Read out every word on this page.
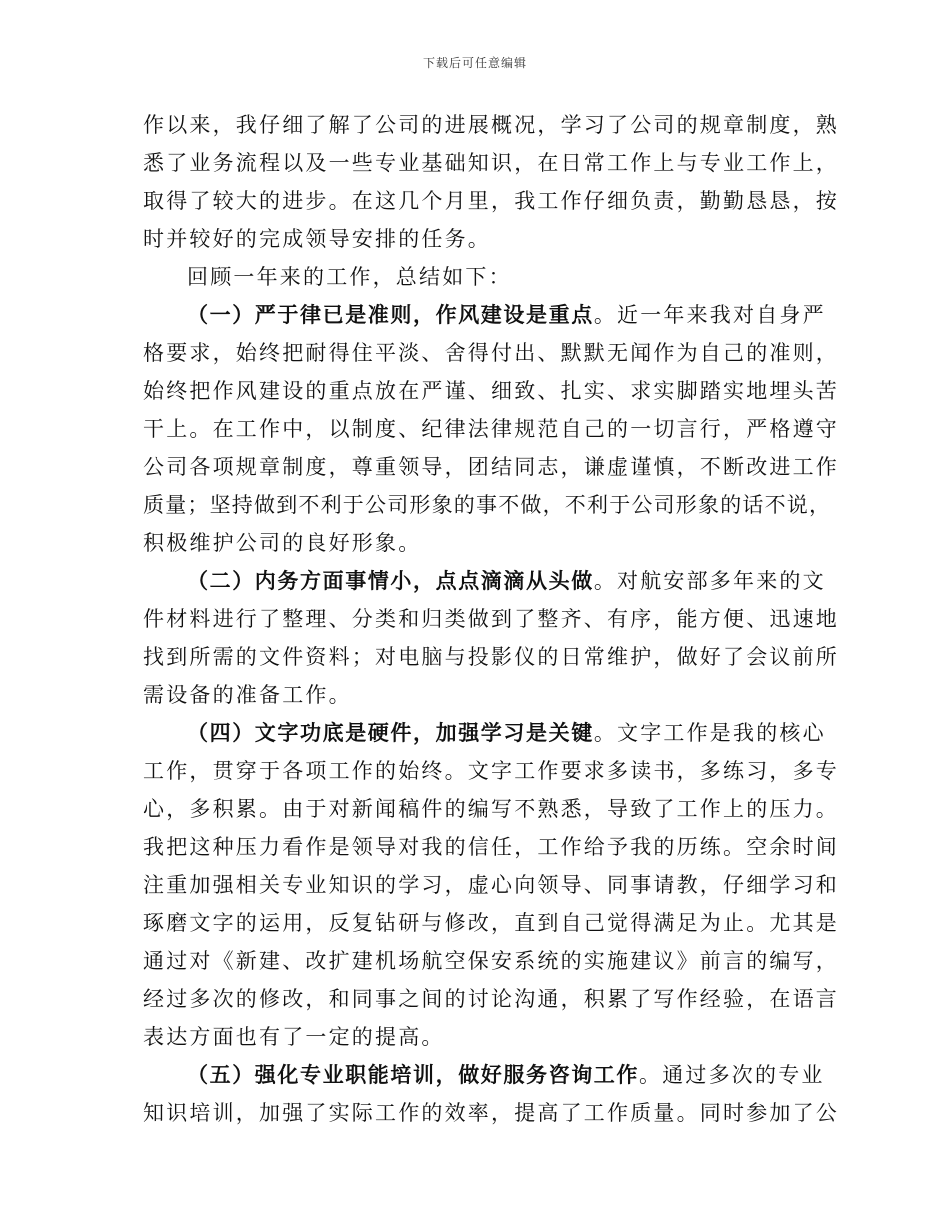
下载后可任意编辑
作以来，我仔细了解了公司的进展概况，学习了公司的规章制度，熟
悉了业务流程以及一些专业基础知识，在日常工作上与专业工作上，
取得了较大的进步。在这几个月里，我工作仔细负责，勤勤恳恳，按
时并较好的完成领导安排的任务。
回顾一年来的工作，总结如下：
（一）严于律已是准则，作风建设是重点。近一年来我对自身严
格要求，始终把耐得住平淡、舍得付出、默默无闻作为自己的准则，
始终把作风建设的重点放在严谨、细致、扎实、求实脚踏实地埋头苦
干上。在工作中，以制度、纪律法律规范自己的一切言行，严格遵守
公司各项规章制度，尊重领导，团结同志，谦虚谨慎，不断改进工作
质量；坚持做到不利于公司形象的事不做，不利于公司形象的话不说，
积极维护公司的良好形象。
（二）内务方面事情小，点点滴滴从头做。对航安部多年来的文
件材料进行了整理、分类和归类做到了整齐、有序，能方便、迅速地
找到所需的文件资料；对电脑与投影仪的日常维护，做好了会议前所
需设备的准备工作。
（四）文字功底是硬件，加强学习是关键。文字工作是我的核心
工作，贯穿于各项工作的始终。文字工作要求多读书，多练习，多专
心，多积累。由于对新闻稿件的编写不熟悉，导致了工作上的压力。
我把这种压力看作是领导对我的信任，工作给予我的历练。空余时间
注重加强相关专业知识的学习，虚心向领导、同事请教，仔细学习和
琢磨文字的运用，反复钻研与修改，直到自己觉得满足为止。尤其是
通过对《新建、改扩建机场航空保安系统的实施建议》前言的编写，
经过多次的修改，和同事之间的讨论沟通，积累了写作经验，在语言
表达方面也有了一定的提高。
（五）强化专业职能培训，做好服务咨询工作。通过多次的专业
知识培训，加强了实际工作的效率，提高了工作质量。同时参加了公
